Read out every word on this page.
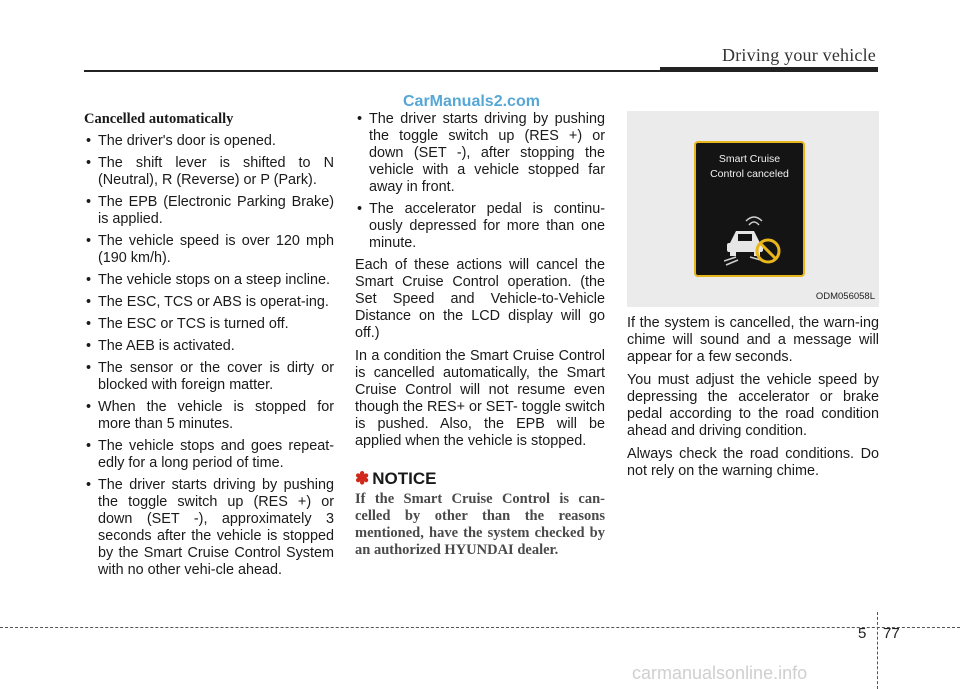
Driving your vehicle
CarManuals2.com
Cancelled automatically
• The driver's door is opened.
• The shift lever is shifted to N (Neutral), R (Reverse) or P (Park).
• The EPB (Electronic Parking Brake) is applied.
• The vehicle speed is over 120 mph (190 km/h).
• The vehicle stops on a steep incline.
• The ESC, TCS or ABS is operat-ing.
• The ESC or TCS is turned off.
• The AEB is activated.
• The sensor or the cover is dirty or blocked with foreign matter.
• When the vehicle is stopped for more than 5 minutes.
• The vehicle stops and goes repeat-edly for a long period of time.
• The driver starts driving by pushing the toggle switch up (RES +) or down (SET -), approximately 3 seconds after the vehicle is stopped by the Smart Cruise Control System with no other vehi-cle ahead.
• The driver starts driving by pushing the toggle switch up (RES +) or down (SET -), after stopping the vehicle with a vehicle stopped far away in front.
• The accelerator pedal is continu-ously depressed for more than one minute.

Each of these actions will cancel the Smart Cruise Control operation. (the Set Speed and Vehicle-to-Vehicle Distance on the LCD display will go off.)

In a condition the Smart Cruise Control is cancelled automatically, the Smart Cruise Control will not resume even though the RES+ or SET- toggle switch is pushed. Also, the EPB will be applied when the vehicle is stopped.

✽ NOTICE

If the Smart Cruise Control is can-celled by other than the reasons mentioned, have the system checked by an authorized HYUNDAI dealer.

Smart Cruise
Control canceled
ODM056058L

If the system is cancelled, the warn-ing chime will sound and a message will appear for a few seconds.

You must adjust the vehicle speed by depressing the accelerator or brake pedal according to the road condition ahead and driving condition.

Always check the road conditions. Do not rely on the warning chime.

5 77
carmanualsonline.info
